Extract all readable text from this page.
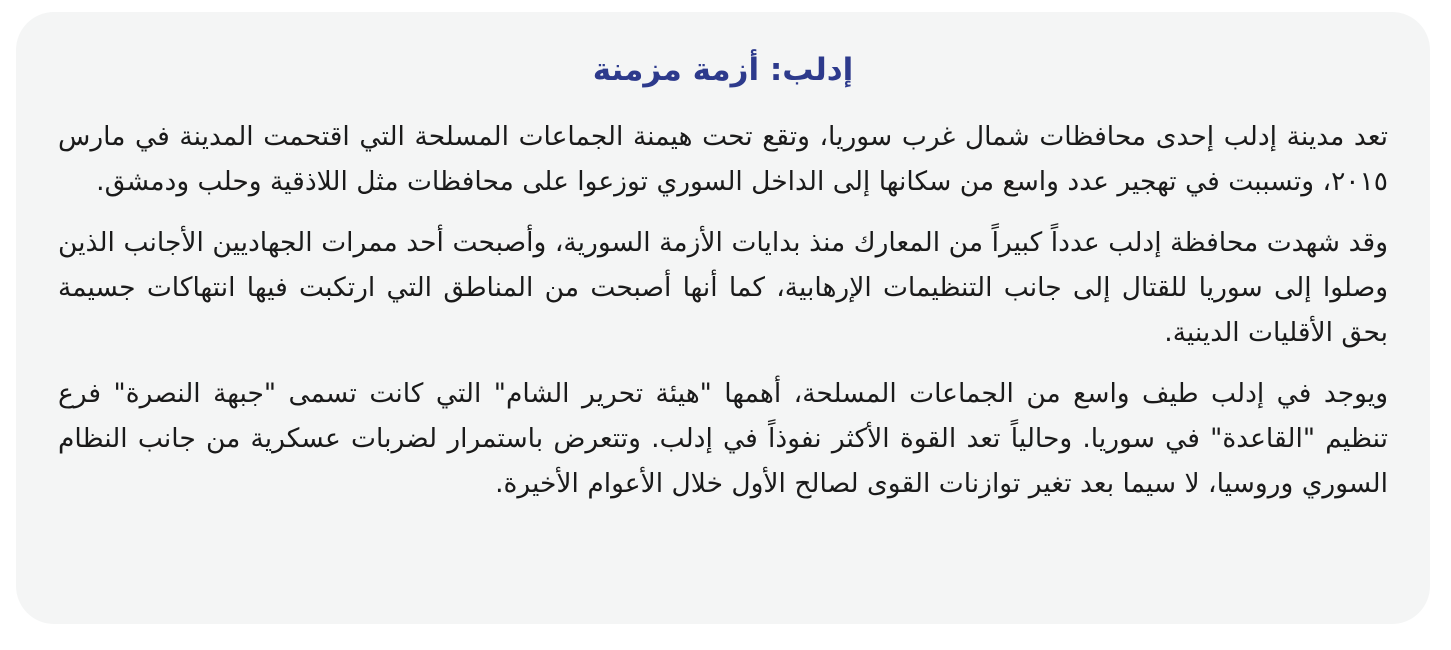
إدلب: أزمة مزمنة

تعد مدينة إدلب إحدى محافظات شمال غرب سوريا، وتقع تحت هيمنة الجماعات المسلحة التي اقتحمت المدينة في مارس ٢٠١٥، وتسببت في تهجير عدد واسع من سكانها إلى الداخل السوري توزعوا على محافظات مثل اللاذقية وحلب ودمشق.

وقد شهدت محافظة إدلب عدداً كبيراً من المعارك منذ بدايات الأزمة السورية، وأصبحت أحد ممرات الجهاديين الأجانب الذين وصلوا إلى سوريا للقتال إلى جانب التنظيمات الإرهابية، كما أنها أصبحت من المناطق التي ارتكبت فيها انتهاكات جسيمة بحق الأقليات الدينية.

ويوجد في إدلب طيف واسع من الجماعات المسلحة، أهمها "هيئة تحرير الشام" التي كانت تسمى "جبهة النصرة" فرع تنظيم "القاعدة" في سوريا. وحالياً تعد القوة الأكثر نفوذاً في إدلب. وتتعرض باستمرار لضربات عسكرية من جانب النظام السوري وروسيا، لا سيما بعد تغير توازنات القوى لصالح الأول خلال الأعوام الأخيرة.
